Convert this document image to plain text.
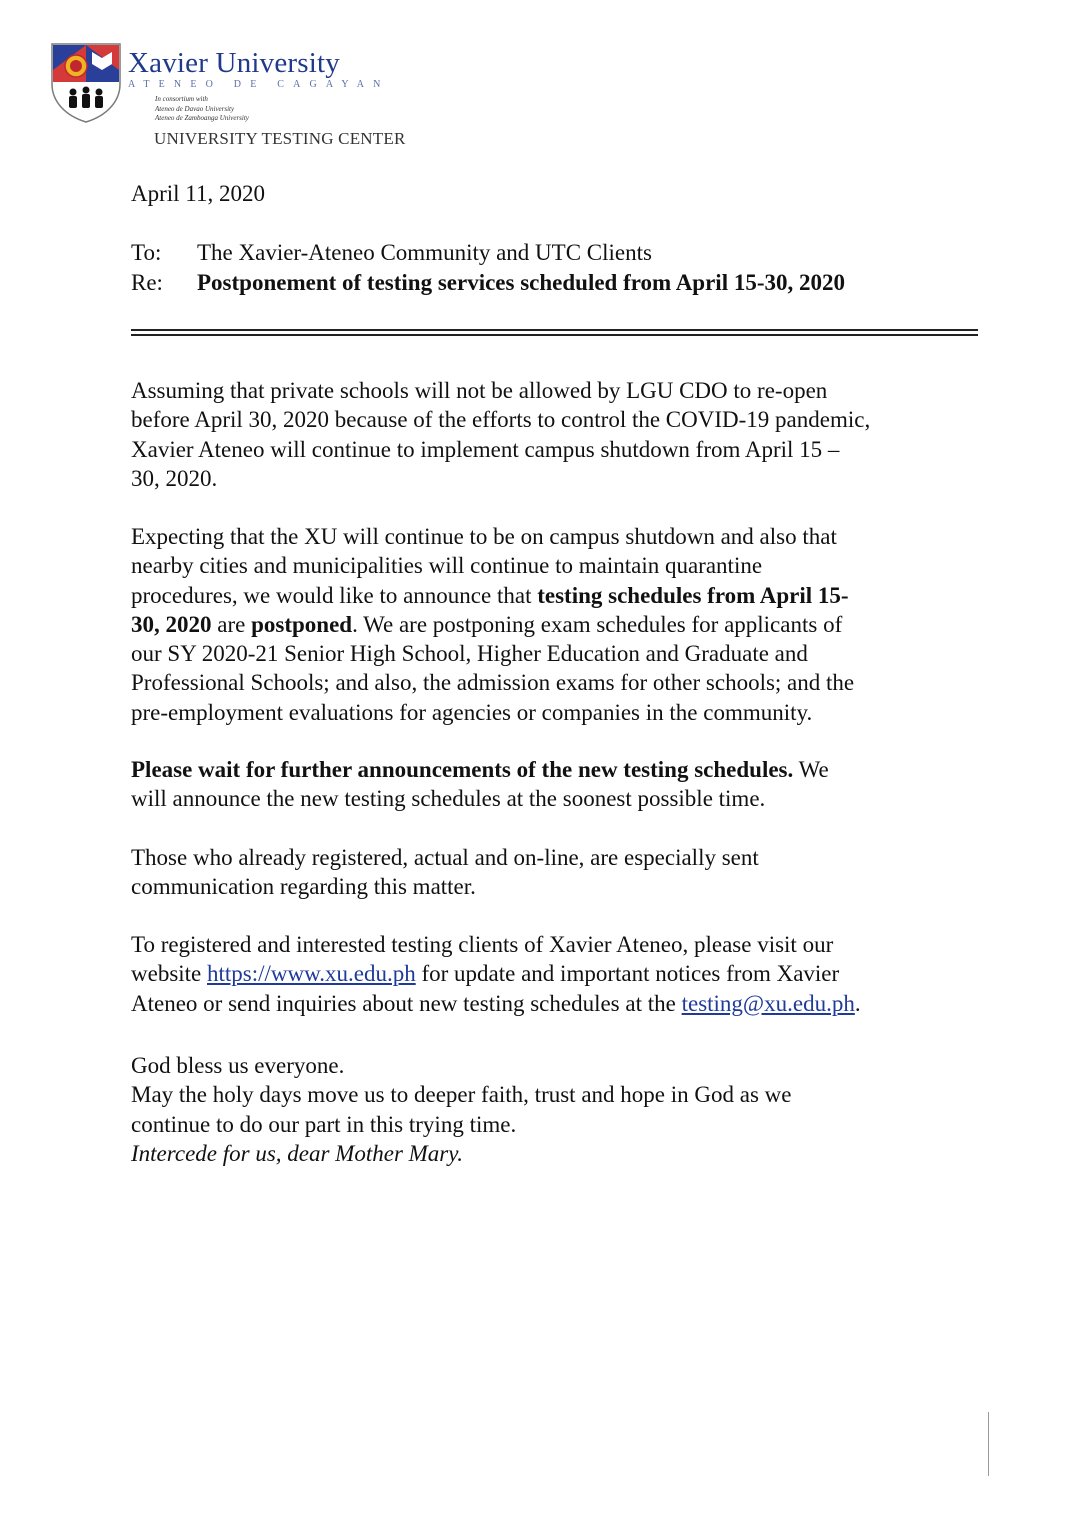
Xavier University
ATENEO DE CAGAYAN
In consortium with
Ateneo de Davao University
Ateneo de Zamboanga University
UNIVERSITY TESTING CENTER
April 11, 2020
To: The Xavier-Ateneo Community and UTC Clients
Re: Postponement of testing services scheduled from April 15-30, 2020
Assuming that private schools will not be allowed by LGU CDO to re-open
before April 30, 2020 because of the efforts to control the COVID-19 pandemic,
Xavier Ateneo will continue to implement campus shutdown from April 15 –
30, 2020.
Expecting that the XU will continue to be on campus shutdown and also that
nearby cities and municipalities will continue to maintain quarantine
procedures, we would like to announce that testing schedules from April 15-
30, 2020 are postponed. We are postponing exam schedules for applicants of
our SY 2020-21 Senior High School, Higher Education and Graduate and
Professional Schools; and also, the admission exams for other schools; and the
pre-employment evaluations for agencies or companies in the community.
Please wait for further announcements of the new testing schedules. We
will announce the new testing schedules at the soonest possible time.
Those who already registered, actual and on-line, are especially sent
communication regarding this matter.
To registered and interested testing clients of Xavier Ateneo, please visit our
website https://www.xu.edu.ph for update and important notices from Xavier
Ateneo or send inquiries about new testing schedules at the testing@xu.edu.ph.
God bless us everyone.
May the holy days move us to deeper faith, trust and hope in God as we
continue to do our part in this trying time.
Intercede for us, dear Mother Mary.
